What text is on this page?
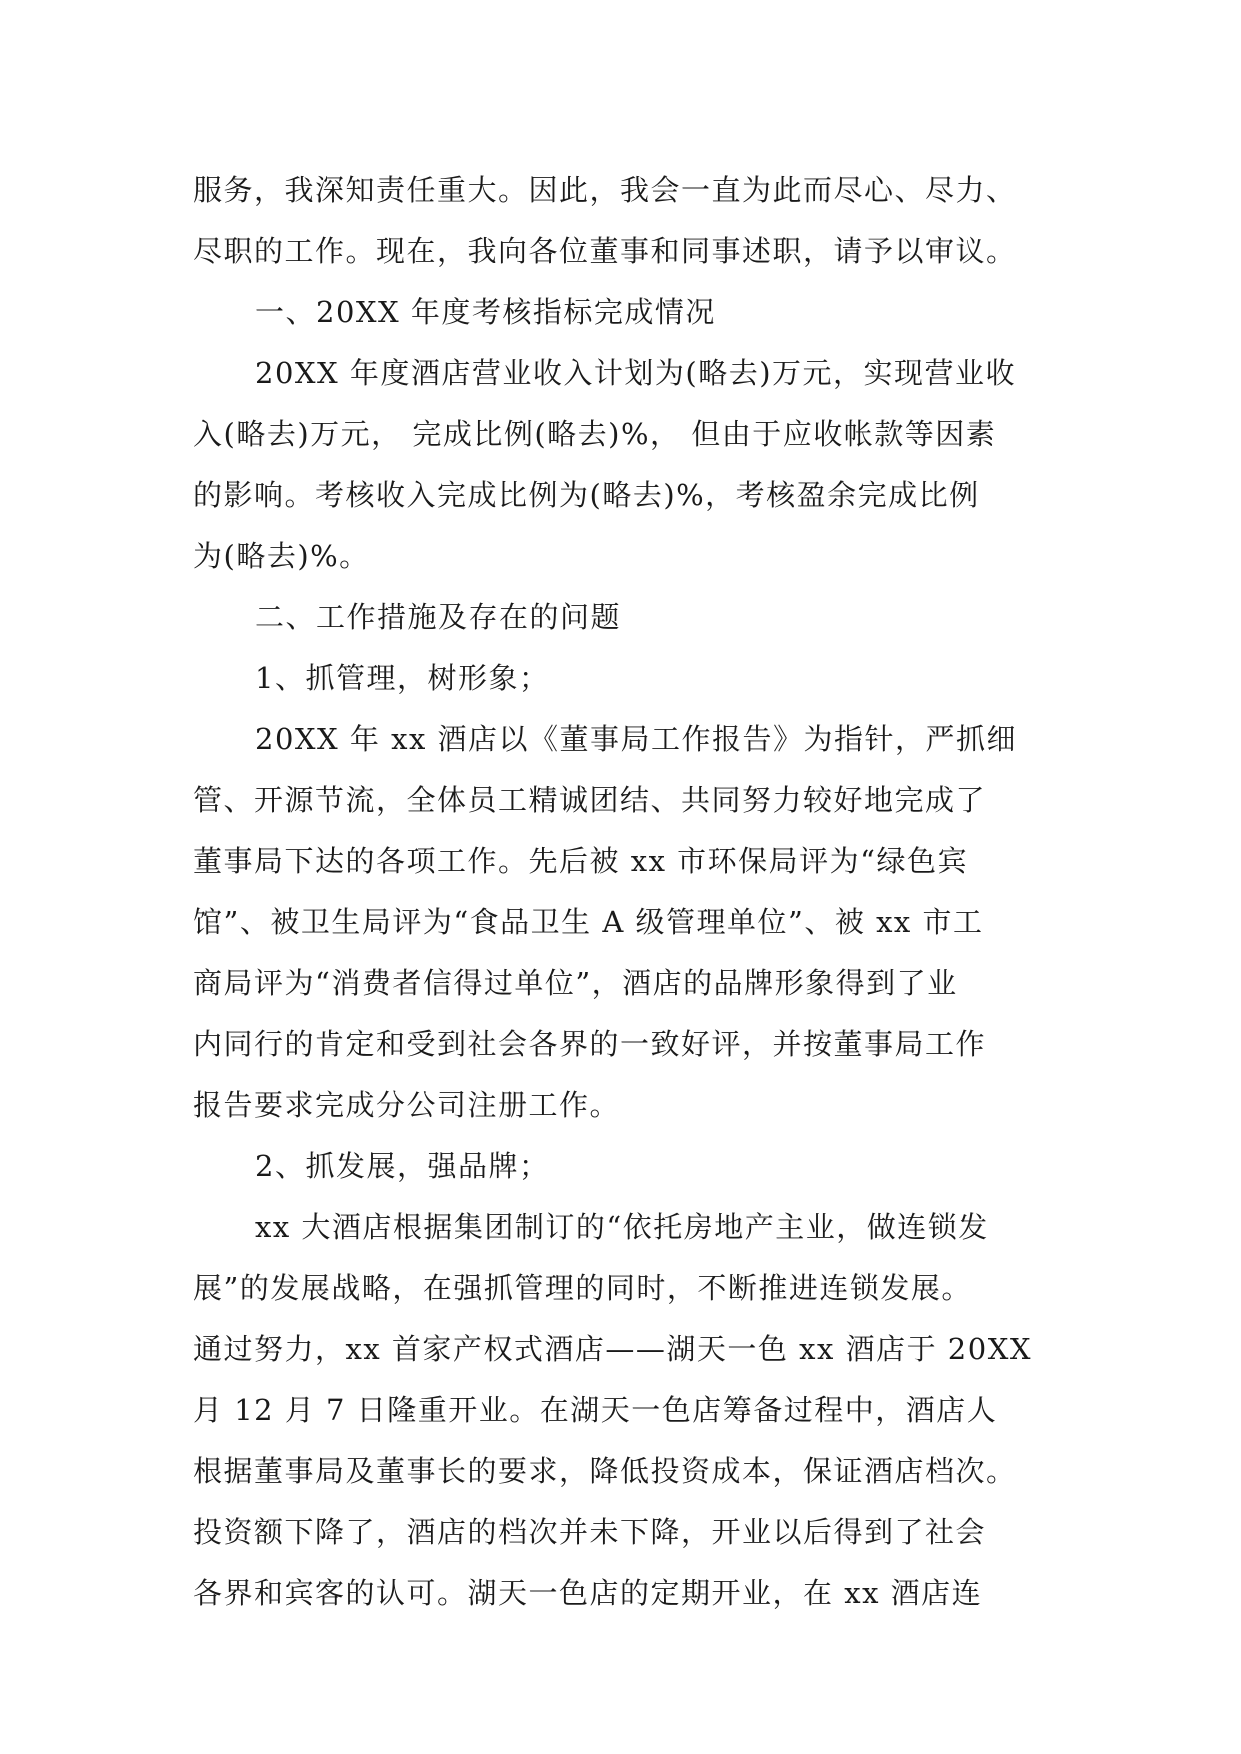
服务，我深知责任重大。因此，我会一直为此而尽心、尽力、
尽职的工作。现在，我向各位董事和同事述职，请予以审议。
一、20XX 年度考核指标完成情况
20XX 年度酒店营业收入计划为(略去)万元，实现营业收
入(略去)万元， 完成比例(略去)%， 但由于应收帐款等因素
的影响。考核收入完成比例为(略去)%，考核盈余完成比例
为(略去)%。
二、工作措施及存在的问题
1、抓管理，树形象；
20XX 年 xx 酒店以《董事局工作报告》为指针，严抓细
管、开源节流，全体员工精诚团结、共同努力较好地完成了
董事局下达的各项工作。先后被 xx 市环保局评为“绿色宾
馆”、被卫生局评为“食品卫生 A 级管理单位”、被 xx 市工
商局评为“消费者信得过单位”，酒店的品牌形象得到了业
内同行的肯定和受到社会各界的一致好评，并按董事局工作
报告要求完成分公司注册工作。
2、抓发展，强品牌；
xx 大酒店根据集团制订的“依托房地产主业，做连锁发
展”的发展战略，在强抓管理的同时，不断推进连锁发展。
通过努力，xx 首家产权式酒店——湖天一色 xx 酒店于 20XX
月 12 月 7 日隆重开业。在湖天一色店筹备过程中，酒店人
根据董事局及董事长的要求，降低投资成本，保证酒店档次。
投资额下降了，酒店的档次并未下降，开业以后得到了社会
各界和宾客的认可。湖天一色店的定期开业，在 xx 酒店连
